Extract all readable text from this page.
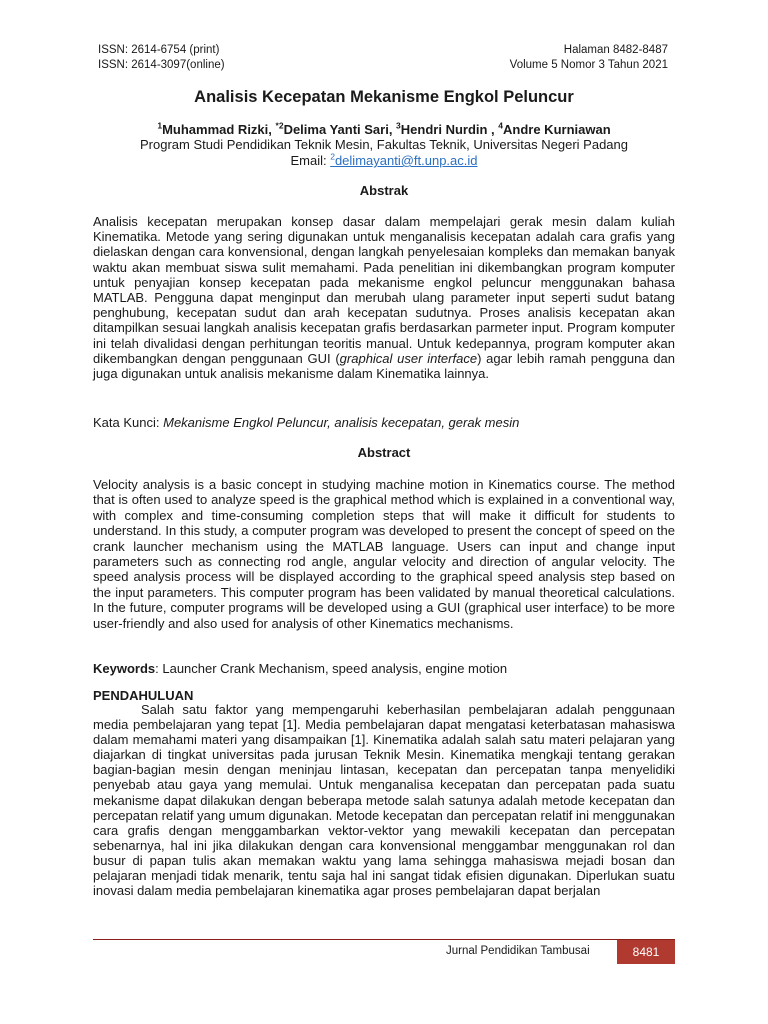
ISSN: 2614-6754 (print)
ISSN: 2614-3097(online)
Halaman 8482-8487
Volume 5 Nomor 3 Tahun 2021
Analisis Kecepatan Mekanisme Engkol Peluncur
$^1$Muhammad Rizki, $^{*2}$Delima Yanti Sari, $^3$Hendri Nurdin , $^4$Andre Kurniawan
Program Studi Pendidikan Teknik Mesin, Fakultas Teknik, Universitas Negeri Padang
Email: $^2$delimayanti@ft.unp.ac.id
Abstrak

Analisis kecepatan merupakan konsep dasar dalam mempelajari gerak mesin dalam kuliah Kinematika. Metode yang sering digunakan untuk menganalisis kecepatan adalah cara grafis yang dielaskan dengan cara konvensional, dengan langkah penyelesaian kompleks dan memakan banyak waktu akan membuat siswa sulit memahami. Pada penelitian ini dikembangkan program komputer untuk penyajian konsep kecepatan pada mekanisme engkol peluncur menggunakan bahasa MATLAB. Pengguna dapat menginput dan merubah ulang parameter input seperti sudut batang penghubung, kecepatan sudut dan arah kecepatan sudutnya. Proses analisis kecepatan akan ditampilkan sesuai langkah analisis kecepatan grafis berdasarkan parmeter input. Program komputer ini telah divalidasi dengan perhitungan teoritis manual. Untuk kedepannya, program komputer akan dikembangkan dengan penggunaan GUI (graphical user interface) agar lebih ramah pengguna dan juga digunakan untuk analisis mekanisme dalam Kinematika lainnya.

Kata Kunci: Mekanisme Engkol Peluncur, analisis kecepatan, gerak mesin
Abstract

Velocity analysis is a basic concept in studying machine motion in Kinematics course. The method that is often used to analyze speed is the graphical method which is explained in a conventional way, with complex and time-consuming completion steps that will make it difficult for students to understand. In this study, a computer program was developed to present the concept of speed on the crank launcher mechanism using the MATLAB language. Users can input and change input parameters such as connecting rod angle, angular velocity and direction of angular velocity. The speed analysis process will be displayed according to the graphical speed analysis step based on the input parameters. This computer program has been validated by manual theoretical calculations. In the future, computer programs will be developed using a GUI (graphical user interface) to be more user-friendly and also used for analysis of other Kinematics mechanisms.

Keywords: Launcher Crank Mechanism, speed analysis, engine motion
PENDAHULUAN

Salah satu faktor yang mempengaruhi keberhasilan pembelajaran adalah penggunaan media pembelajaran yang tepat [1]. Media pembelajaran dapat mengatasi keterbatasan mahasiswa dalam memahami materi yang disampaikan [1]. Kinematika adalah salah satu materi pelajaran yang diajarkan di tingkat universitas pada jurusan Teknik Mesin. Kinematika mengkaji tentang gerakan bagian-bagian mesin dengan meninjau lintasan, kecepatan dan percepatan tanpa menyelidiki penyebab atau gaya yang memulai. Untuk menganalisa kecepatan dan percepatan pada suatu mekanisme dapat dilakukan dengan beberapa metode salah satunya adalah metode kecepatan dan percepatan relatif yang umum digunakan. Metode kecepatan dan percepatan relatif ini menggunakan cara grafis dengan menggambarkan vektor-vektor yang mewakili kecepatan dan percepatan sebenarnya, hal ini jika dilakukan dengan cara konvensional menggambar menggunakan rol dan busur di papan tulis akan memakan waktu yang lama sehingga mahasiswa mejadi bosan dan pelajaran menjadi tidak menarik, tentu saja hal ini sangat tidak efisien digunakan. Diperlukan suatu inovasi dalam media pembelajaran kinematika agar proses pembelajaran dapat berjalan

Jurnal Pendidikan Tambusai	8481
